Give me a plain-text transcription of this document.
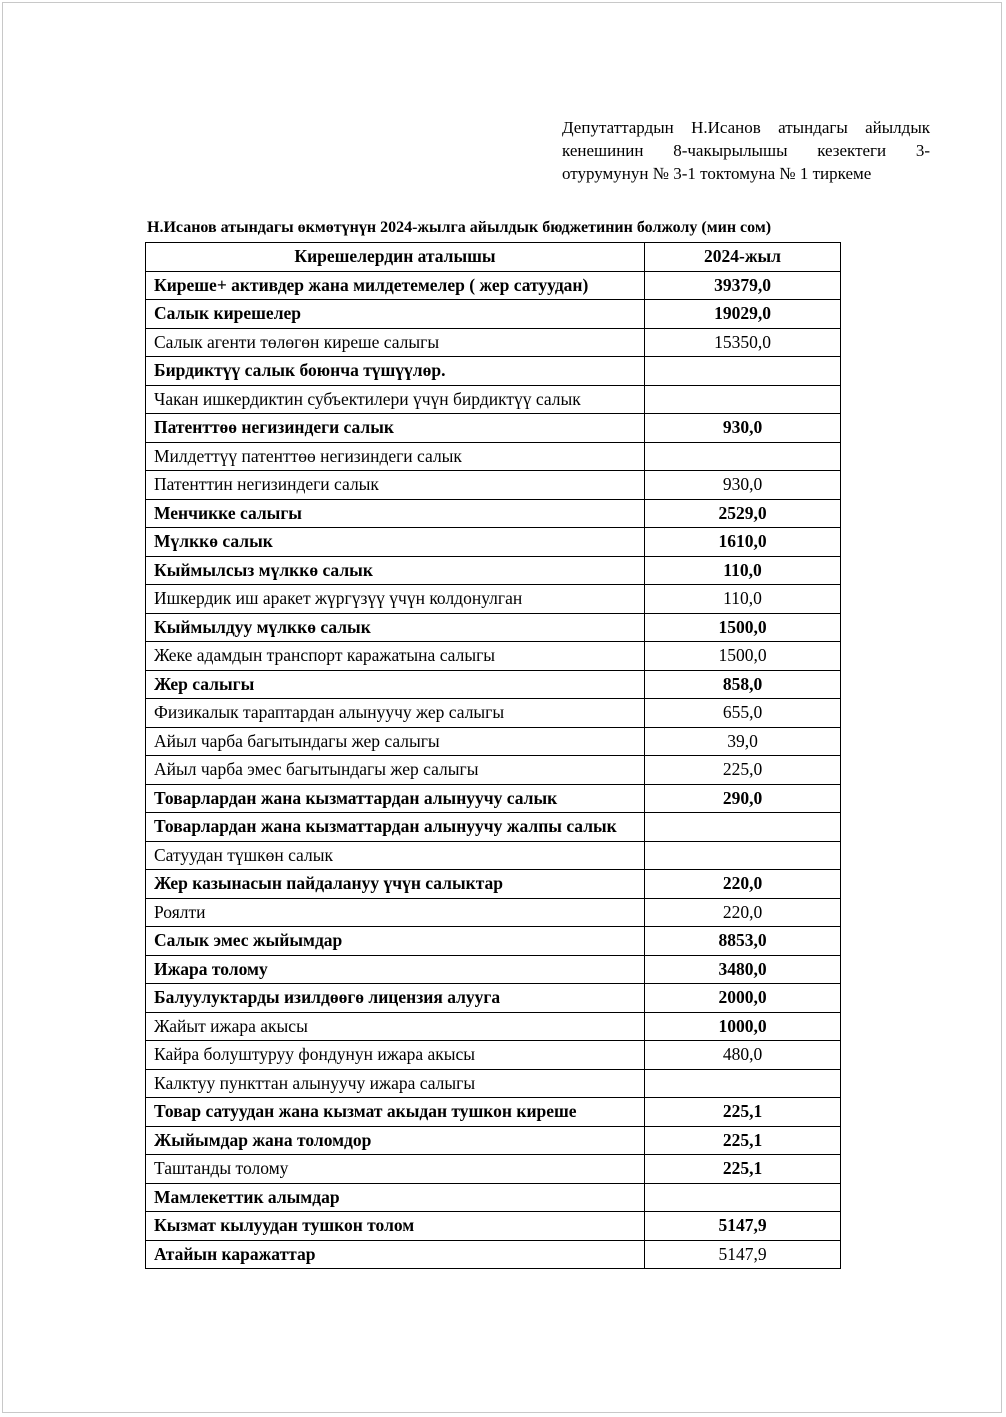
Депутаттардын Н.Исанов атындагы айылдык кенешинин 8-чакырылышы кезектеги 3-отурумунун № 3-1 токтомуна № 1 тиркеме
Н.Исанов атындагы өкмөтүнүн 2024-жылга айылдык бюджетинин болжолу (мин сом)
Кирешелердин аталышы	2024-жыл
Киреше+ активдер жана милдетемелер ( жер сатуудан)	39379,0
Салык кирешелер	19029,0
Салык агенти төлөгөн киреше салыгы	15350,0
Бирдиктүү салык боюнча түшүүлөр.	
Чакан ишкердиктин субъектилери үчүн бирдиктүү салык	
Патенттөө негизиндеги салык	930,0
Милдеттүү патенттөө негизиндеги салык	
Патенттин негизиндеги салык	930,0
Менчикке салыгы	2529,0
Мүлккө салык	1610,0
Кыймылсыз мүлккө салык	110,0
Ишкердик иш аракет жүргүзүү үчүн колдонулган	110,0
Кыймылдуу мүлккө салык	1500,0
Жеке адамдын транспорт каражатына салыгы	1500,0
Жер салыгы	858,0
Физикалык тараптардан алынуучу жер салыгы	655,0
Айыл чарба багытындагы жер салыгы	39,0
Айыл чарба эмес багытындагы жер салыгы	225,0
Товарлардан жана кызматтардан алынуучу салык	290,0
Товарлардан жана кызматтардан алынуучу жалпы салык	
Сатуудан түшкөн салык	
Жер казынасын пайдалануу үчүн салыктар	220,0
Роялти	220,0
Салык эмес жыйымдар	8853,0
Ижара толому	3480,0
Балуулуктарды изилдөөгө лицензия алууга	2000,0
Жайыт ижара акысы	1000,0
Кайра болуштуруу фондунун ижара акысы	480,0
Калктуу пункттан алынуучу ижара салыгы	
Товар сатуудан жана кызмат акыдан тушкон киреше	225,1
Жыйымдар жана толомдор	225,1
Таштанды толому	225,1
Мамлекеттик алымдар	
Кызмат кылуудан тушкон толом	5147,9
Атайын каражаттар	5147,9
